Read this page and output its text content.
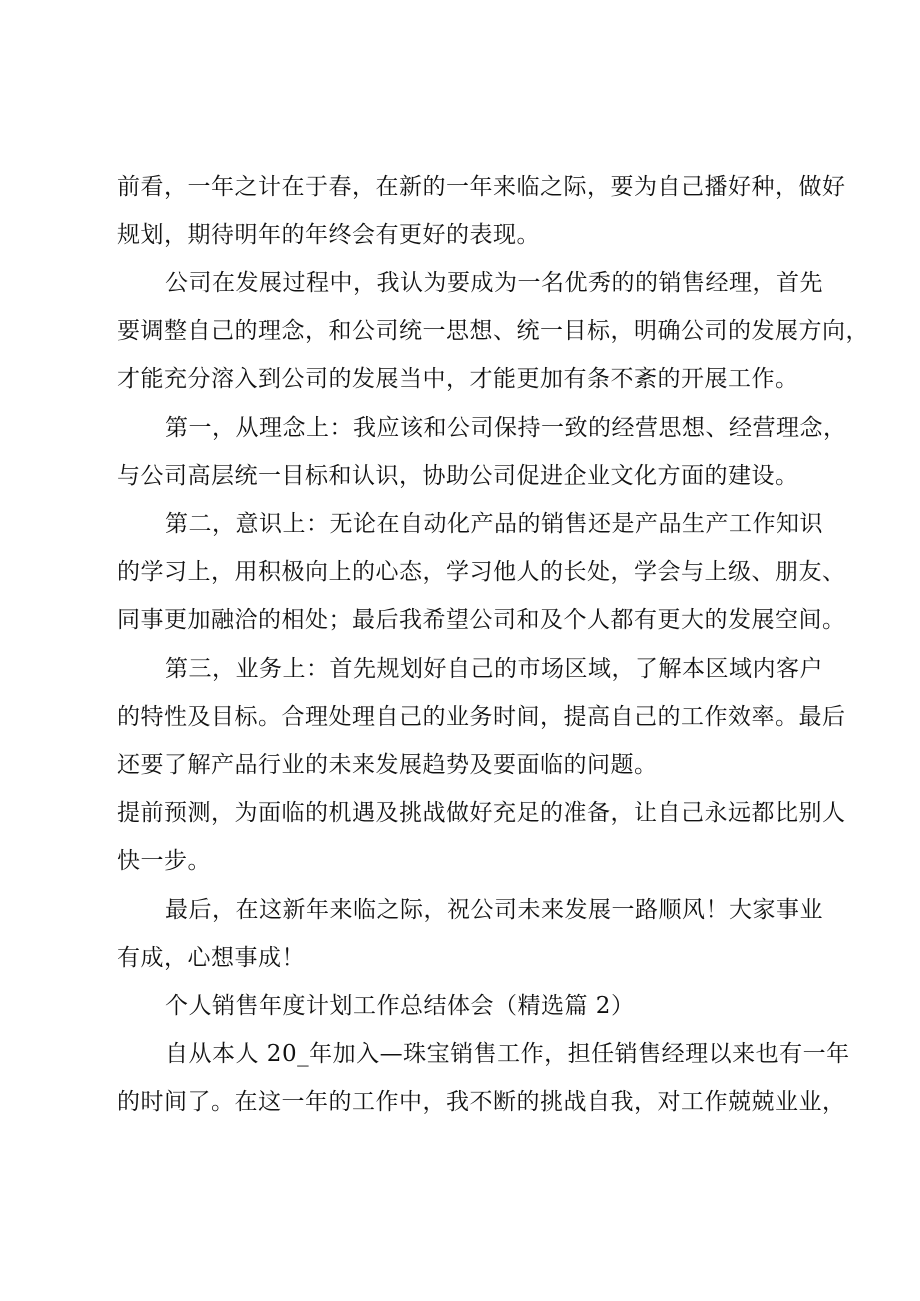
前看，一年之计在于春，在新的一年来临之际，要为自己播好种，做好

规划，期待明年的年终会有更好的表现。

公司在发展过程中，我认为要成为一名优秀的的销售经理，首先

要调整自己的理念，和公司统一思想、统一目标，明确公司的发展方向，

才能充分溶入到公司的发展当中，才能更加有条不紊的开展工作。

第一，从理念上：我应该和公司保持一致的经营思想、经营理念，

与公司高层统一目标和认识，协助公司促进企业文化方面的建设。

第二，意识上：无论在自动化产品的销售还是产品生产工作知识

的学习上，用积极向上的心态，学习他人的长处，学会与上级、朋友、

同事更加融洽的相处；最后我希望公司和及个人都有更大的发展空间。

第三，业务上：首先规划好自己的市场区域，了解本区域内客户

的特性及目标。合理处理自己的业务时间，提高自己的工作效率。最后

还要了解产品行业的未来发展趋势及要面临的问题。

提前预测，为面临的机遇及挑战做好充足的准备，让自己永远都比别人

快一步。

最后，在这新年来临之际，祝公司未来发展一路顺风！大家事业

有成，心想事成！

个人销售年度计划工作总结体会（精选篇 2）

自从本人 20_年加入—珠宝销售工作，担任销售经理以来也有一年

的时间了。在这一年的工作中，我不断的挑战自我，对工作兢兢业业，
